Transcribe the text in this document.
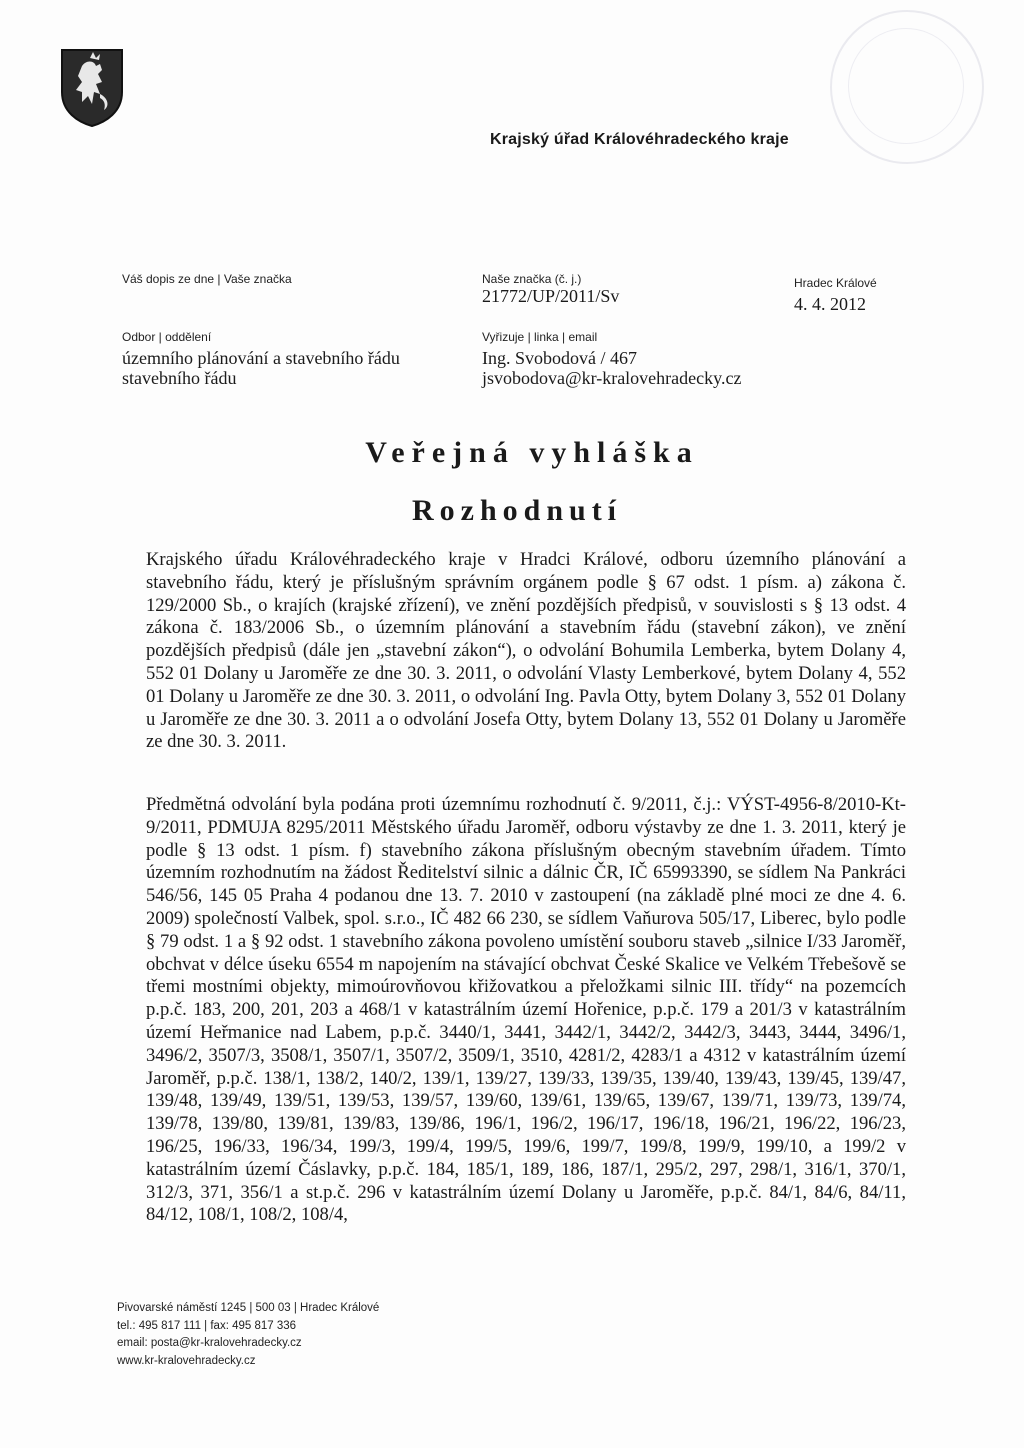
Krajský úřad Královéhradeckého kraje
Váš dopis ze dne | Vaše značka	Naše značka (č. j.)
21772/UP/2011/Sv
Hradec Králové
4. 4. 2012
Odbor | oddělení
územního plánování a stavebního řádu
stavebního řádu
Vyřizuje | linka | email
Ing. Svobodová / 467
jsvobodova@kr-kralovehradecky.cz
Veřejná vyhláška
Rozhodnutí
Krajského úřadu Královéhradeckého kraje v Hradci Králové, odboru územního plánování a stavebního řádu, který je příslušným správním orgánem podle § 67 odst. 1 písm. a) zákona č. 129/2000 Sb., o krajích (krajské zřízení), ve znění pozdějších předpisů, v souvislosti s § 13 odst. 4 zákona č. 183/2006 Sb., o územním plánování a stavebním řádu (stavební zákon), ve znění pozdějších předpisů (dále jen „stavební zákon“), o odvolání Bohumila Lemberka, bytem Dolany 4, 552 01 Dolany u Jaroměře ze dne 30. 3. 2011, o odvolání Vlasty Lemberkové, bytem Dolany 4, 552 01 Dolany u Jaroměře ze dne 30. 3. 2011, o odvolání Ing. Pavla Otty, bytem Dolany 3, 552 01 Dolany u Jaroměře ze dne 30. 3. 2011 a o odvolání Josefa Otty, bytem Dolany 13, 552 01 Dolany u Jaroměře ze dne 30. 3. 2011.
Předmětná odvolání byla podána proti územnímu rozhodnutí č. 9/2011, č.j.: VÝST-4956-8/2010-Kt-9/2011, PDMUJA 8295/2011 Městského úřadu Jaroměř, odboru výstavby ze dne 1. 3. 2011, který je podle § 13 odst. 1 písm. f) stavebního zákona příslušným obecným stavebním úřadem. Tímto územním rozhodnutím na žádost Ředitelství silnic a dálnic ČR, IČ 65993390, se sídlem Na Pankráci 546/56, 145 05 Praha 4 podanou dne 13. 7. 2010 v zastoupení (na základě plné moci ze dne 4. 6. 2009) společností Valbek, spol. s.r.o., IČ 482 66 230, se sídlem Vaňurova 505/17, Liberec, bylo podle § 79 odst. 1 a § 92 odst. 1 stavebního zákona povoleno umístění souboru staveb „silnice I/33 Jaroměř, obchvat v délce úseku 6554 m napojením na stávající obchvat České Skalice ve Velkém Třebešově se třemi mostními objekty, mimoúrovňovou křižovatkou a přeložkami silnic III. třídy“ na pozemcích p.p.č. 183, 200, 201, 203 a 468/1 v katastrálním území Hořenice, p.p.č. 179 a 201/3 v katastrálním území Heřmanice nad Labem, p.p.č. 3440/1, 3441, 3442/1, 3442/2, 3442/3, 3443, 3444, 3496/1, 3496/2, 3507/3, 3508/1, 3507/1, 3507/2, 3509/1, 3510, 4281/2, 4283/1 a 4312 v katastrálním území Jaroměř, p.p.č. 138/1, 138/2, 140/2, 139/1, 139/27, 139/33, 139/35, 139/40, 139/43, 139/45, 139/47, 139/48, 139/49, 139/51, 139/53, 139/57, 139/60, 139/61, 139/65, 139/67, 139/71, 139/73, 139/74, 139/78, 139/80, 139/81, 139/83, 139/86, 196/1, 196/2, 196/17, 196/18, 196/21, 196/22, 196/23, 196/25, 196/33, 196/34, 199/3, 199/4, 199/5, 199/6, 199/7, 199/8, 199/9, 199/10, a 199/2 v katastrálním území Čáslavky, p.p.č. 184, 185/1, 189, 186, 187/1, 295/2, 297, 298/1, 316/1, 370/1, 312/3, 371, 356/1 a st.p.č. 296 v katastrálním území Dolany u Jaroměře, p.p.č. 84/1, 84/6, 84/11, 84/12, 108/1, 108/2, 108/4,
Pivovarské náměstí 1245 | 500 03 | Hradec Králové
tel.: 495 817 111 | fax: 495 817 336
email: posta@kr-kralovehradecky.cz
www.kr-kralovehradecky.cz
